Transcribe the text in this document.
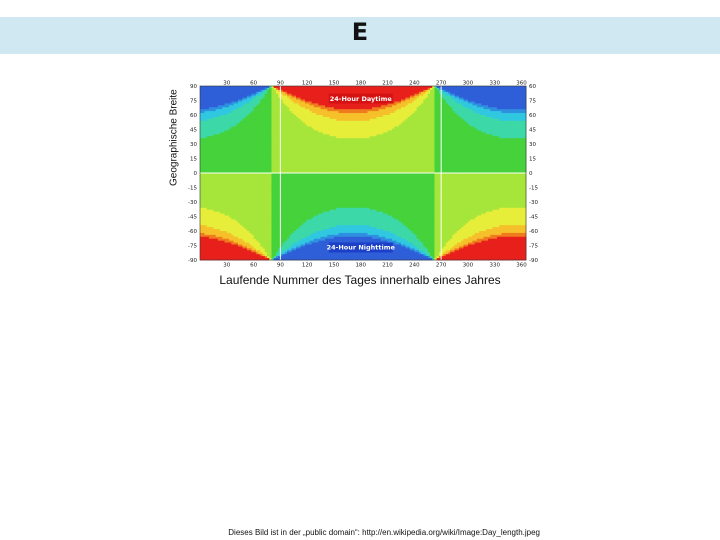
E
30	60	90	120	150	180	210	240	270	300	330	360
30	60	90	120	150	180	210	240	270	300	330	360
90
75
60
45
30
15
0
-15
-30
-45
-60
-75
-90
60
75
60
45
30
15
0
-15
-30
-45
-60
-75
-90
24-Hour Daytime
24-Hour Nighttime
Geographische Breite
Laufende Nummer des Tages innerhalb eines Jahres
Dieses Bild ist in der „public domain“: http://en.wikipedia.org/wiki/Image:Day_length.jpeg
